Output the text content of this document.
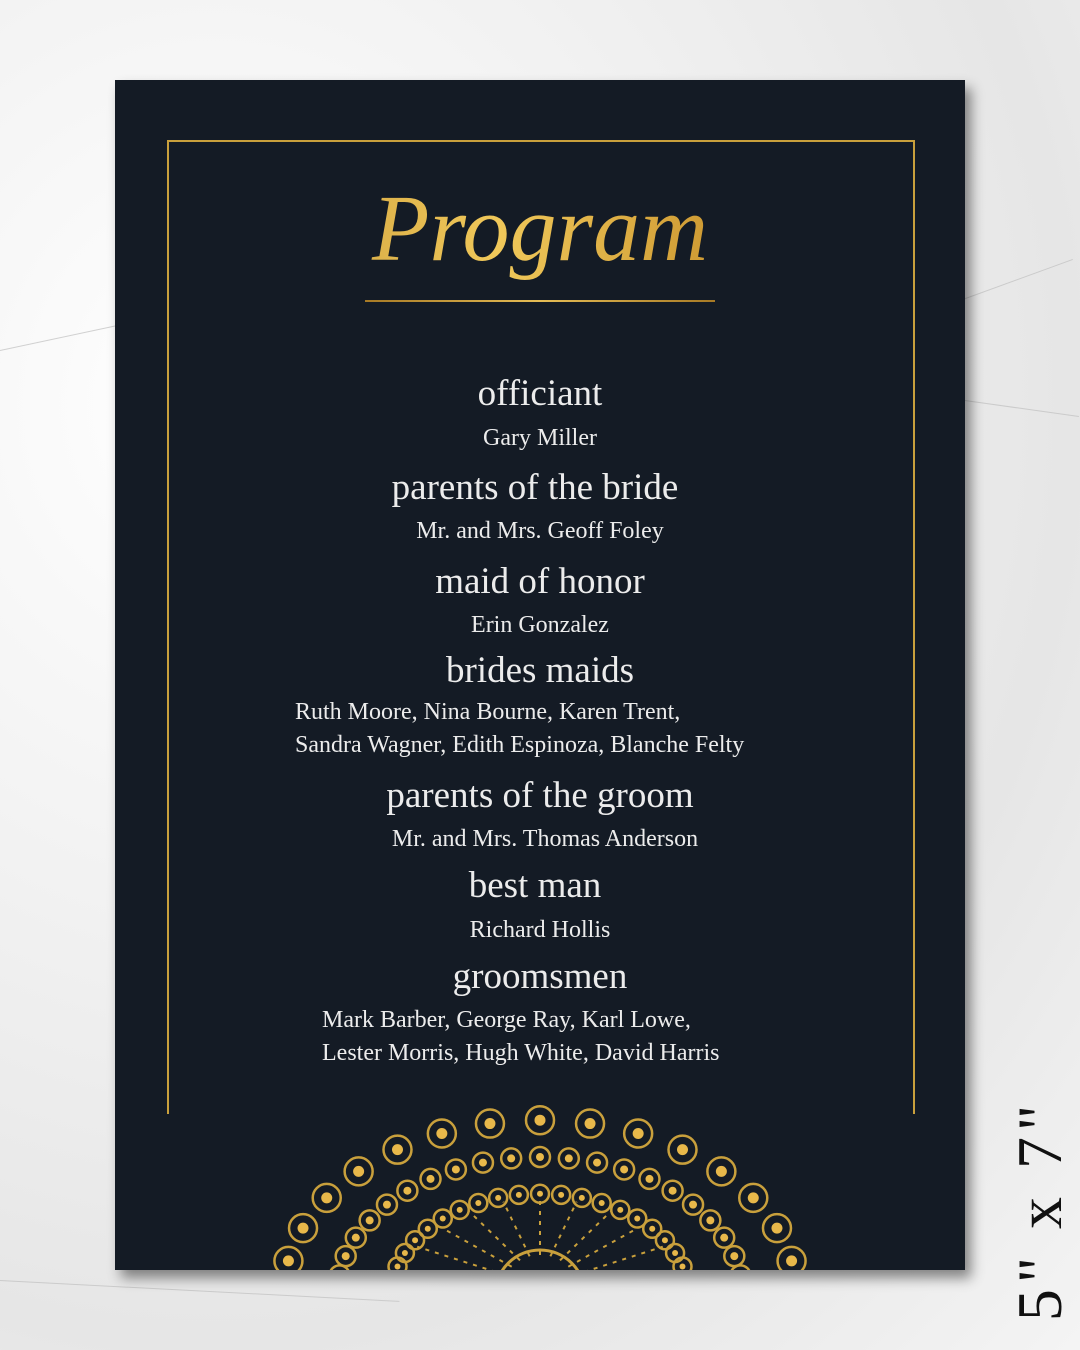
Program
officiant
Gary Miller
parents of the bride
Mr. and Mrs. Geoff Foley
maid of honor
Erin Gonzalez
brides maids
Ruth Moore, Nina Bourne, Karen Trent,
Sandra Wagner, Edith Espinoza, Blanche Felty
parents of the groom
Mr. and Mrs. Thomas Anderson
best man
Richard Hollis
groomsmen
Mark Barber, George Ray, Karl Lowe,
Lester Morris, Hugh White, David Harris
5" x 7"
